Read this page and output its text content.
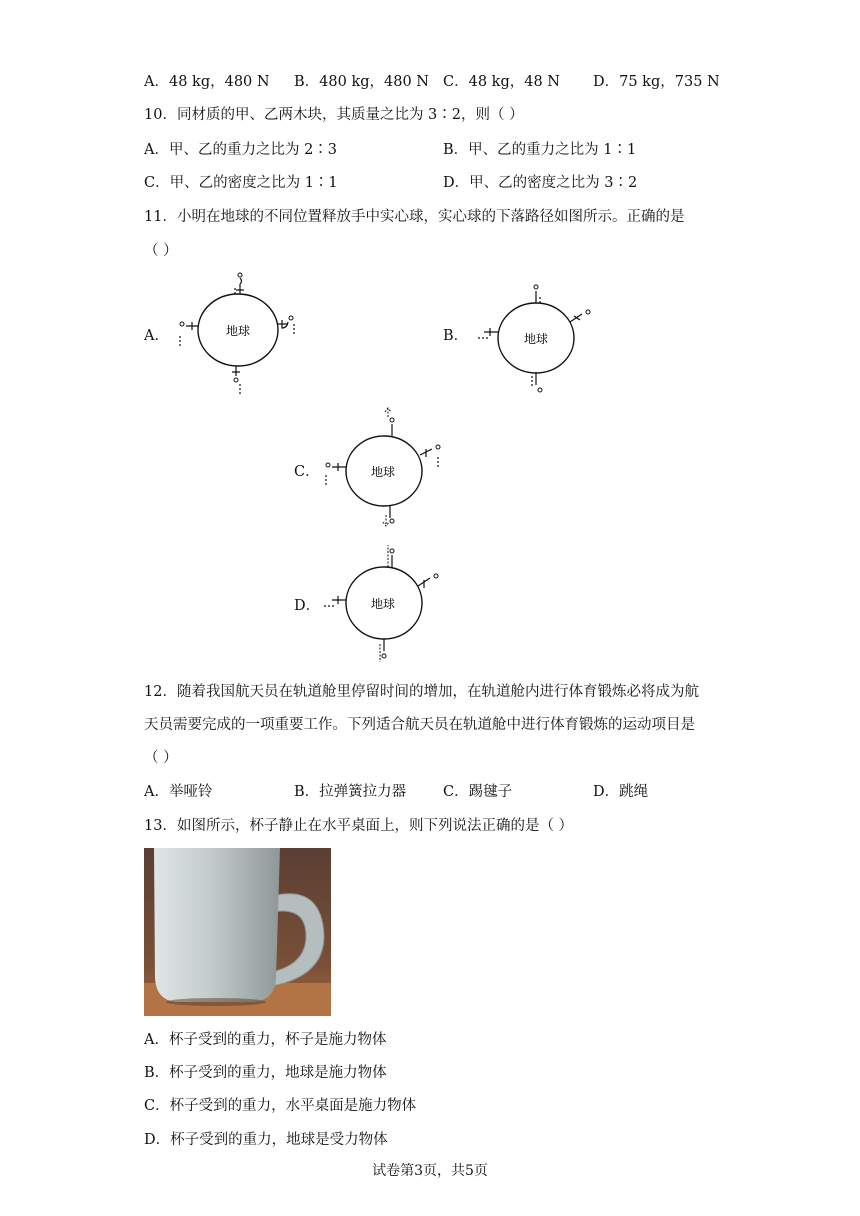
A．48 kg，480 N B．480 kg，480 N C．48 kg，48 N D．75 kg，735 N
10．同材质的甲、乙两木块，其质量之比为 3∶2，则（ ）
A．甲、乙的重力之比为 2∶3	B．甲、乙的重力之比为 1∶1
C．甲、乙的密度之比为 1∶1	D．甲、乙的密度之比为 3∶2
11．小明在地球的不同位置释放手中实心球，实心球的下落路径如图所示。正确的是
（ ）
A．	地球	B．	地球
C．	地球
D．	地球
12．随着我国航天员在轨道舱里停留时间的增加，在轨道舱内进行体育锻炼必将成为航
天员需要完成的一项重要工作。下列适合航天员在轨道舱中进行体育锻炼的运动项目是
（ ）
A．举哑铃	B．拉弹簧拉力器	C．踢毽子	D．跳绳
13．如图所示，杯子静止在水平桌面上，则下列说法正确的是（ ）
A．杯子受到的重力，杯子是施力物体
B．杯子受到的重力，地球是施力物体
C．杯子受到的重力，水平桌面是施力物体
D．杯子受到的重力，地球是受力物体
试卷第3页，共5页
